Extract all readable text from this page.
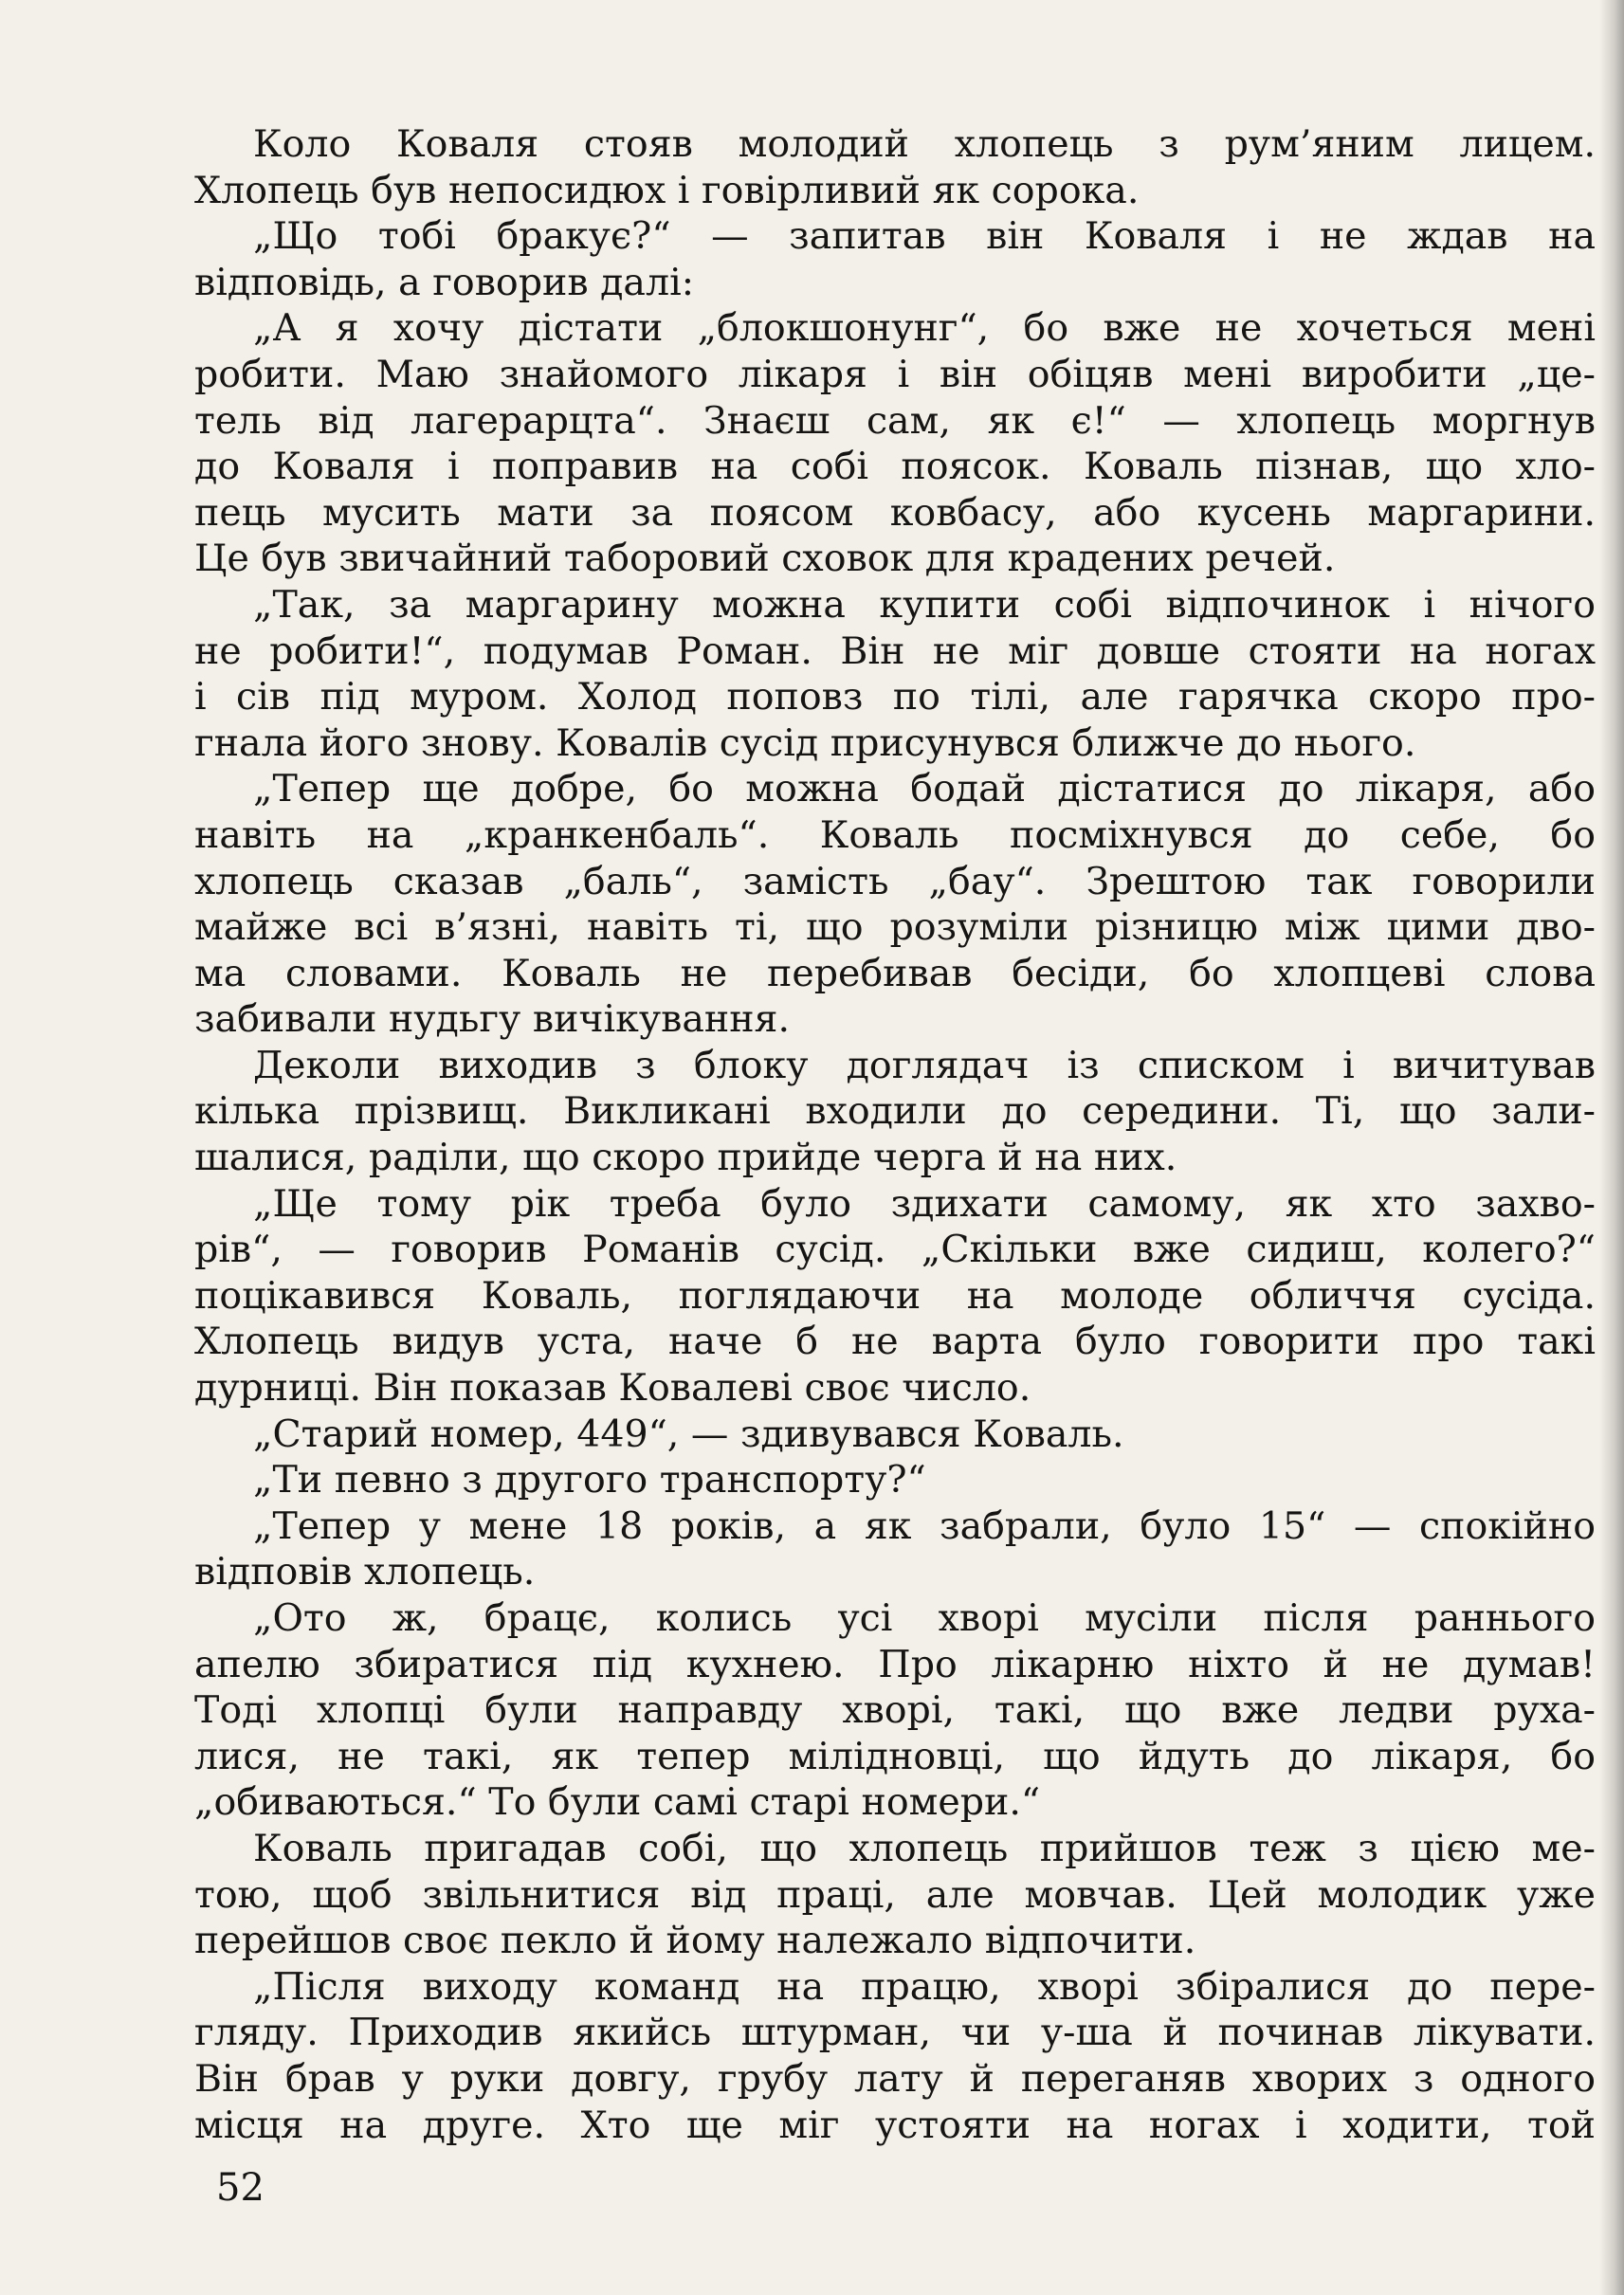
Коло Коваля стояв молодий хлопець з рум’яним лицем.
Хлопець був непосидюх і говірливий як сорока.
„Що тобі бракує?“ — запитав він Коваля і не ждав на
відповідь, а говорив далі:
„А я хочу дістати „блокшонунг“, бо вже не хочеться мені
робити. Маю знайомого лікаря і він обіцяв мені виробити „це-
тель від лагерарцта“. Знаєш сам, як є!“ — хлопець моргнув
до Коваля і поправив на собі поясок. Коваль пізнав, що хло-
пець мусить мати за поясом ковбасу, або кусень маргарини.
Це був звичайний таборовий сховок для крадених речей.
„Так, за маргарину можна купити собі відпочинок і нічого
не робити!“, подумав Роман. Він не міг довше стояти на ногах
і сів під муром. Холод поповз по тілі, але гарячка скоро про-
гнала його знову. Ковалів сусід присунувся ближче до нього.
„Тепер ще добре, бо можна бодай дістатися до лікаря, або
навіть на „кранкенбаль“. Коваль посміхнувся до себе, бо
хлопець сказав „баль“, замість „бау“. Зрештою так говорили
майже всі в’язні, навіть ті, що розуміли різницю між цими дво-
ма словами. Коваль не перебивав бесіди, бо хлопцеві слова
забивали нудьгу вичікування.
Деколи виходив з блоку доглядач із списком і вичитував
кілька прізвищ. Викликані входили до середини. Ті, що зали-
шалися, раділи, що скоро прийде черга й на них.
„Ще тому рік треба було здихати самому, як хто захво-
рів“, — говорив Романів сусід. „Скільки вже сидиш, колего?“
поцікавився Коваль, поглядаючи на молоде обличчя сусіда.
Хлопець видув уста, наче б не варта було говорити про такі
дурниці. Він показав Ковалеві своє число.
„Старий номер, 449“, — здивувався Коваль.
„Ти певно з другого транспорту?“
„Тепер у мене 18 років, а як забрали, було 15“ — спокійно
відповів хлопець.
„Ото ж, брацє, колись усі хворі мусіли після раннього
апелю збиратися під кухнею. Про лікарню ніхто й не думав!
Тоді хлопці були направду хворі, такі, що вже ледви руха-
лися, не такі, як тепер мілідновці, що йдуть до лікаря, бо
„обиваються.“ То були самі старі номери.“
Коваль пригадав собі, що хлопець прийшов теж з цією ме-
тою, щоб звільнитися від праці, але мовчав. Цей молодик уже
перейшов своє пекло й йому належало відпочити.
„Після виходу команд на працю, хворі збіралися до пере-
гляду. Приходив якийсь штурман, чи у-ша й починав лікувати.
Він брав у руки довгу, грубу лату й переганяв хворих з одного
місця на друге. Хто ще міг устояти на ногах і ходити, той
52
